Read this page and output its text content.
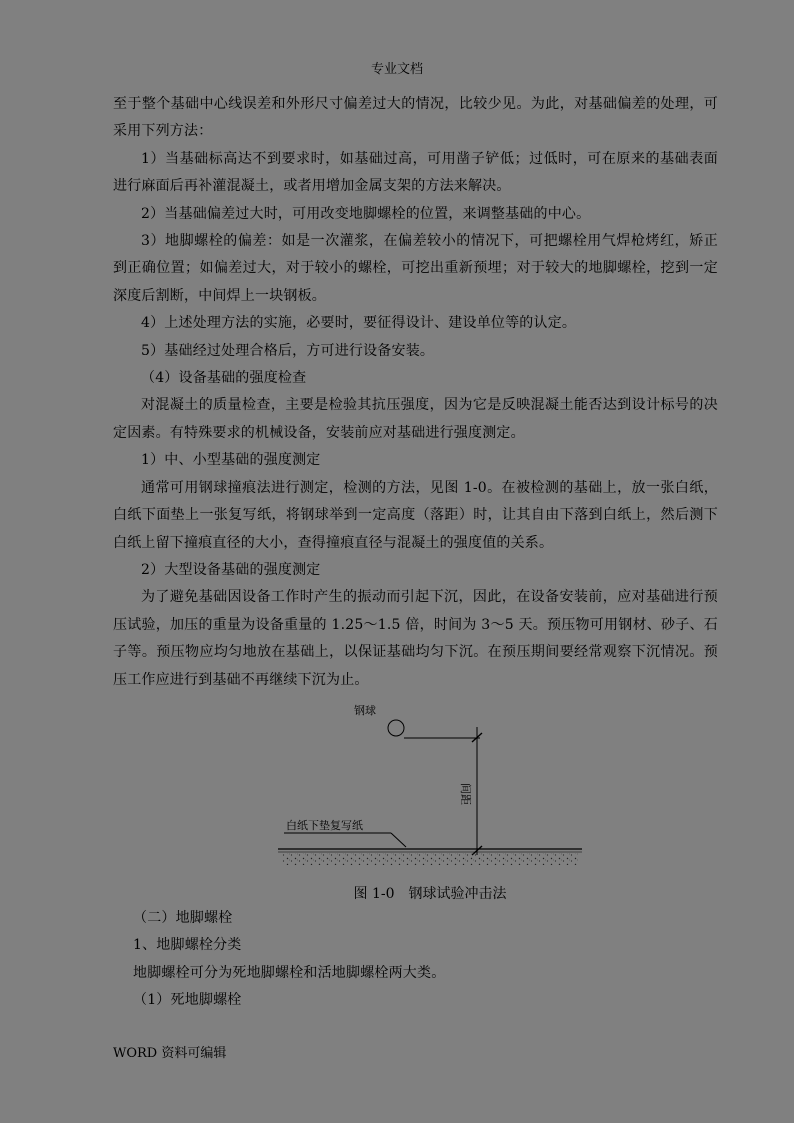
专业文档

至于整个基础中心线误差和外形尺寸偏差过大的情况，比较少见。为此，对基础偏差的处理，可采用下列方法：

1）当基础标高达不到要求时，如基础过高，可用凿子铲低；过低时，可在原来的基础表面进行麻面后再补灌混凝土，或者用增加金属支架的方法来解决。

2）当基础偏差过大时，可用改变地脚螺栓的位置，来调整基础的中心。

3）地脚螺栓的偏差：如是一次灌浆，在偏差较小的情况下，可把螺栓用气焊枪烤红，矫正到正确位置；如偏差过大，对于较小的螺栓，可挖出重新预埋；对于较大的地脚螺栓，挖到一定深度后割断，中间焊上一块钢板。

4）上述处理方法的实施，必要时，要征得设计、建设单位等的认定。

5）基础经过处理合格后，方可进行设备安装。

（4）设备基础的强度检查

对混凝土的质量检查，主要是检验其抗压强度，因为它是反映混凝土能否达到设计标号的决定因素。有特殊要求的机械设备，安装前应对基础进行强度测定。

1）中、小型基础的强度测定

通常可用钢球撞痕法进行测定，检测的方法，见图 1-0。在被检测的基础上，放一张白纸，白纸下面垫上一张复写纸，将钢球举到一定高度（落距）时，让其自由下落到白纸上，然后测下白纸上留下撞痕直径的大小，查得撞痕直径与混凝土的强度值的关系。

2）大型设备基础的强度测定

为了避免基础因设备工作时产生的振动而引起下沉，因此，在设备安装前，应对基础进行预压试验，加压的重量为设备重量的 1.25～1.5 倍，时间为 3～5 天。预压物可用钢材、砂子、石子等。预压物应均匀地放在基础上，以保证基础均匀下沉。在预压期间要经常观察下沉情况。预压工作应进行到基础不再继续下沉为止。

钢球
间距
白纸下垫复写纸
图 1-0　钢球试验冲击法

（二）地脚螺栓

1、地脚螺栓分类

地脚螺栓可分为死地脚螺栓和活地脚螺栓两大类。

（1）死地脚螺栓

WORD 资料可编辑
